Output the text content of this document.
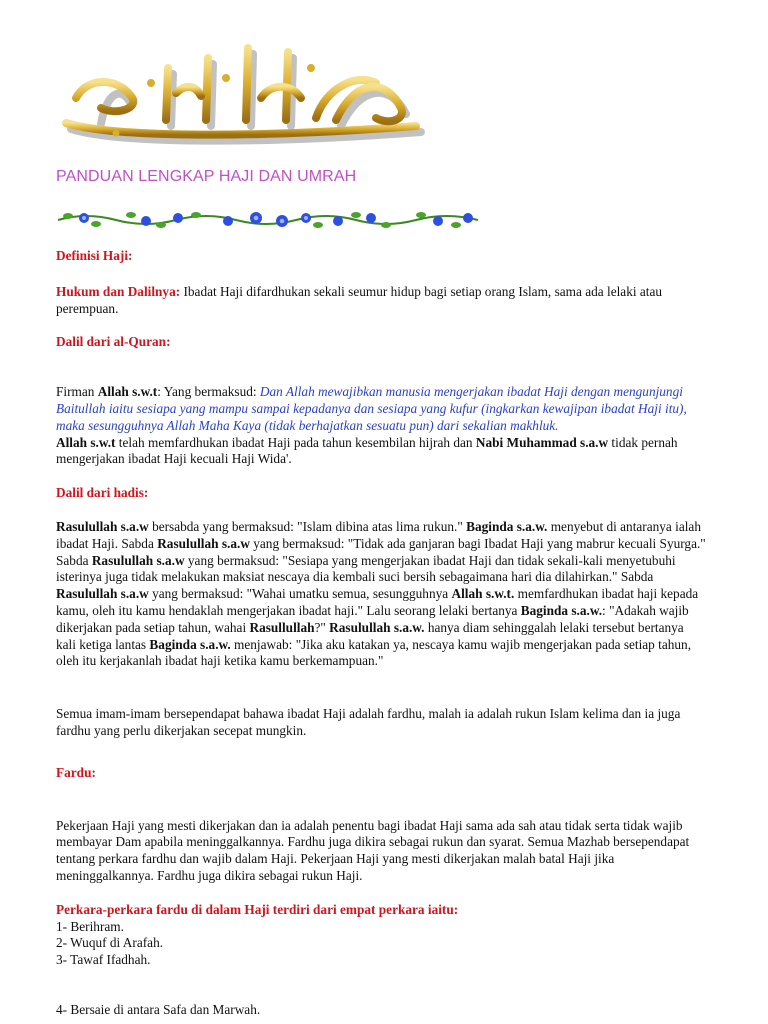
PANDUAN LENGKAP HAJI DAN UMRAH

Definisi Haji:

Hukum dan Dalilnya: Ibadat Haji difardhukan sekali seumur hidup bagi setiap orang Islam, sama ada lelaki atau perempuan.

Dalil dari al-Quran:

Firman Allah s.w.t: Yang bermaksud: Dan Allah mewajibkan manusia mengerjakan ibadat Haji dengan mengunjungi Baitullah iaitu sesiapa yang mampu sampai kepadanya dan sesiapa yang kufur (ingkarkan kewajipan ibadat Haji itu), maka sesungguhnya Allah Maha Kaya (tidak berhajatkan sesuatu pun) dari sekalian makhluk.
Allah s.w.t telah memfardhukan ibadat Haji pada tahun kesembilan hijrah dan Nabi Muhammad s.a.w tidak pernah mengerjakan ibadat Haji kecuali Haji Wida'.

Dalil dari hadis:

Rasulullah s.a.w bersabda yang bermaksud: "Islam dibina atas lima rukun." Baginda s.a.w. menyebut di antaranya ialah ibadat Haji. Sabda Rasulullah s.a.w yang bermaksud: "Tidak ada ganjaran bagi Ibadat Haji yang mabrur kecuali Syurga." Sabda Rasulullah s.a.w yang bermaksud: "Sesiapa yang mengerjakan ibadat Haji dan tidak sekali-kali menyetubuhi isterinya juga tidak melakukan maksiat nescaya dia kembali suci bersih sebagaimana hari dia dilahirkan." Sabda Rasulullah s.a.w yang bermaksud: "Wahai umatku semua, sesungguhnya Allah s.w.t. memfardhukan ibadat haji kepada kamu, oleh itu kamu hendaklah mengerjakan ibadat haji." Lalu seorang lelaki bertanya Baginda s.a.w.: "Adakah wajib dikerjakan pada setiap tahun, wahai Rasullullah?" Rasulullah s.a.w. hanya diam sehinggalah lelaki tersebut bertanya kali ketiga lantas Baginda s.a.w. menjawab: "Jika aku katakan ya, nescaya kamu wajib mengerjakan pada setiap tahun, oleh itu kerjakanlah ibadat haji ketika kamu berkemampuan."

Semua imam-imam bersependapat bahawa ibadat Haji adalah fardhu, malah ia adalah rukun Islam kelima dan ia juga fardhu yang perlu dikerjakan secepat mungkin.

Fardu:

Pekerjaan Haji yang mesti dikerjakan dan ia adalah penentu bagi ibadat Haji sama ada sah atau tidak serta tidak wajib membayar Dam apabila meninggalkannya. Fardhu juga dikira sebagai rukun dan syarat. Semua Mazhab bersependapat tentang perkara fardhu dan wajib dalam Haji. Pekerjaan Haji yang mesti dikerjakan malah batal Haji jika meninggalkannya. Fardhu juga dikira sebagai rukun Haji.

Perkara-perkara fardu di dalam Haji terdiri dari empat perkara iaitu:

1- Berihram.

2- Wuquf di Arafah.

3- Tawaf Ifadhah.

4- Bersaie di antara Safa dan Marwah.
